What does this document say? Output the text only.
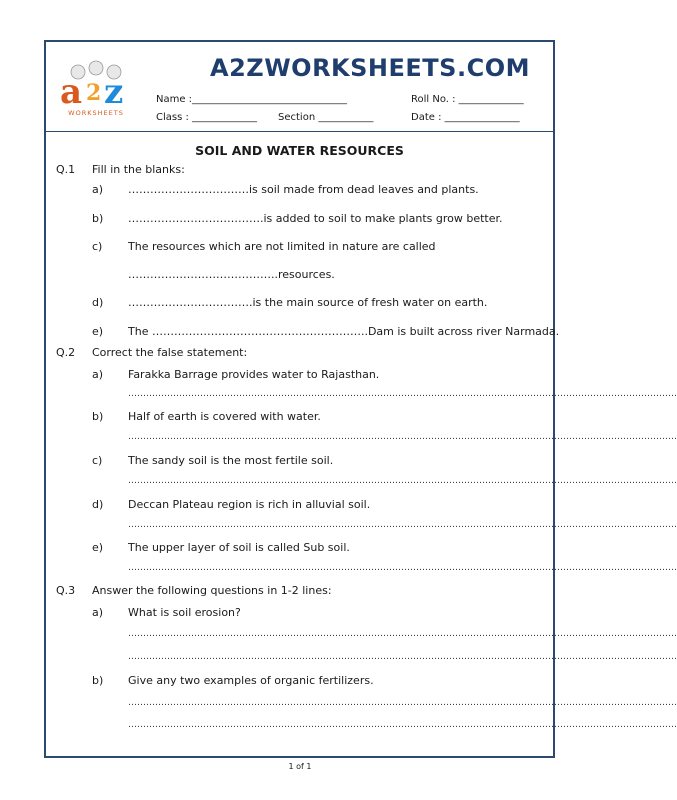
a 2 z
WORKSHEETS
A2ZWORKSHEETS.COM
Name :_______________________________	Roll No. : _____________
Class : _____________ Section ___________	Date : _______________
SOIL AND WATER RESOURCES
Q.1 Fill in the blanks:
a) ……………………………is soil made from dead leaves and plants.
b) ……………………………….is added to soil to make plants grow better.
c) The resources which are not limited in nature are called
…………………………………..resources.
d) …………………………….is the main source of fresh water on earth.
e) The …………………………………………………..Dam is built across river Narmada.
Q.2 Correct the false statement:
a) Farakka Barrage provides water to Rajasthan.
…………………………………………………………………………………………………………………………………………………………………
b) Half of earth is covered with water.
…………………………………………………………………………………………………………………………………………………………………
c) The sandy soil is the most fertile soil.
…………………………………………………………………………………………………………………………………………………………………
d) Deccan Plateau region is rich in alluvial soil.
…………………………………………………………………………………………………………………………………………………………………
e) The upper layer of soil is called Sub soil.
…………………………………………………………………………………………………………………………………………………………………
Q.3 Answer the following questions in 1-2 lines:
a) What is soil erosion?
…………………………………………………………………………………………………………………………………………………………………
…………………………………………………………………………………………………………………………………………………………………
b) Give any two examples of organic fertilizers.
…………………………………………………………………………………………………………………………………………………………………
…………………………………………………………………………………………………………………………………………………………………
1 of 1
